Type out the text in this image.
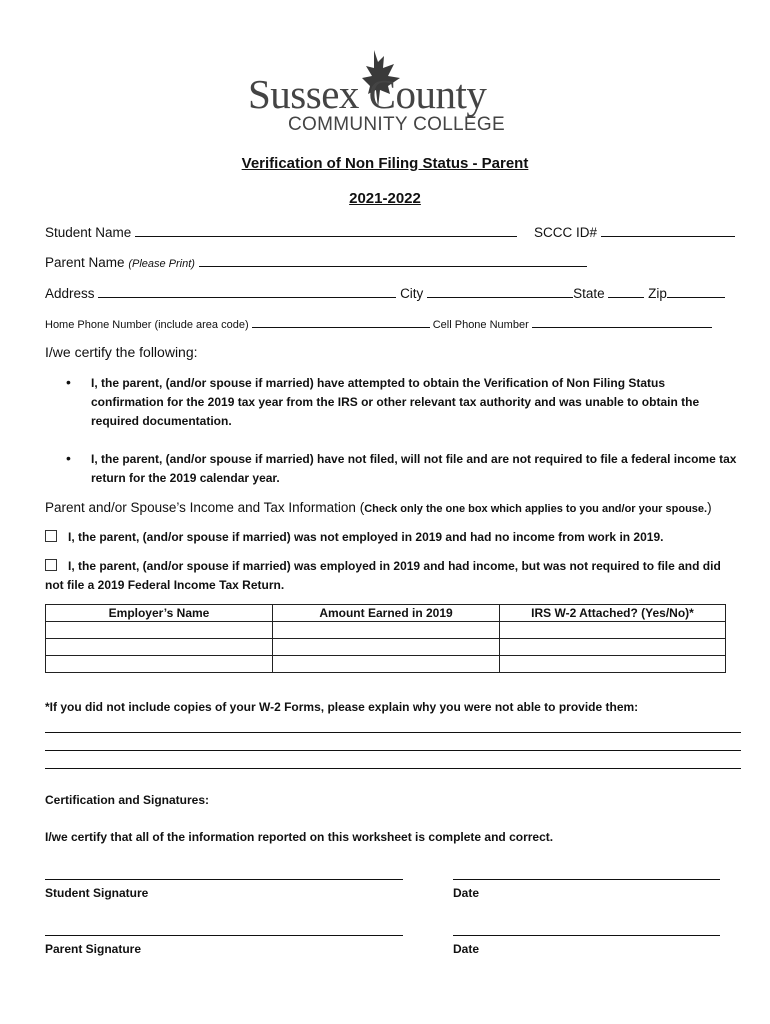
Sussex County
COMMUNITY COLLEGE
Verification of Non Filing Status - Parent
2021-2022
Student Name	SCCC ID#
Parent Name (Please Print)
Address	City	State	Zip
Home Phone Number (include area code)	Cell Phone Number
I/we certify the following:
• I, the parent, (and/or spouse if married) have attempted to obtain the Verification of Non Filing Status confirmation for the 2019 tax year from the IRS or other relevant tax authority and was unable to obtain the required documentation.
• I, the parent, (and/or spouse if married) have not filed, will not file and are not required to file a federal income tax return for the 2019 calendar year.
Parent and/or Spouse’s Income and Tax Information (Check only the one box which applies to you and/or your spouse.)
I, the parent, (and/or spouse if married) was not employed in 2019 and had no income from work in 2019.
I, the parent, (and/or spouse if married) was employed in 2019 and had income, but was not required to file and did not file a 2019 Federal Income Tax Return.
Employer’s Name	Amount Earned in 2019	IRS W-2 Attached? (Yes/No)*

*If you did not include copies of your W-2 Forms, please explain why you were not able to provide them:
Certification and Signatures:
I/we certify that all of the information reported on this worksheet is complete and correct.
Student Signature	Date
Parent Signature	Date
